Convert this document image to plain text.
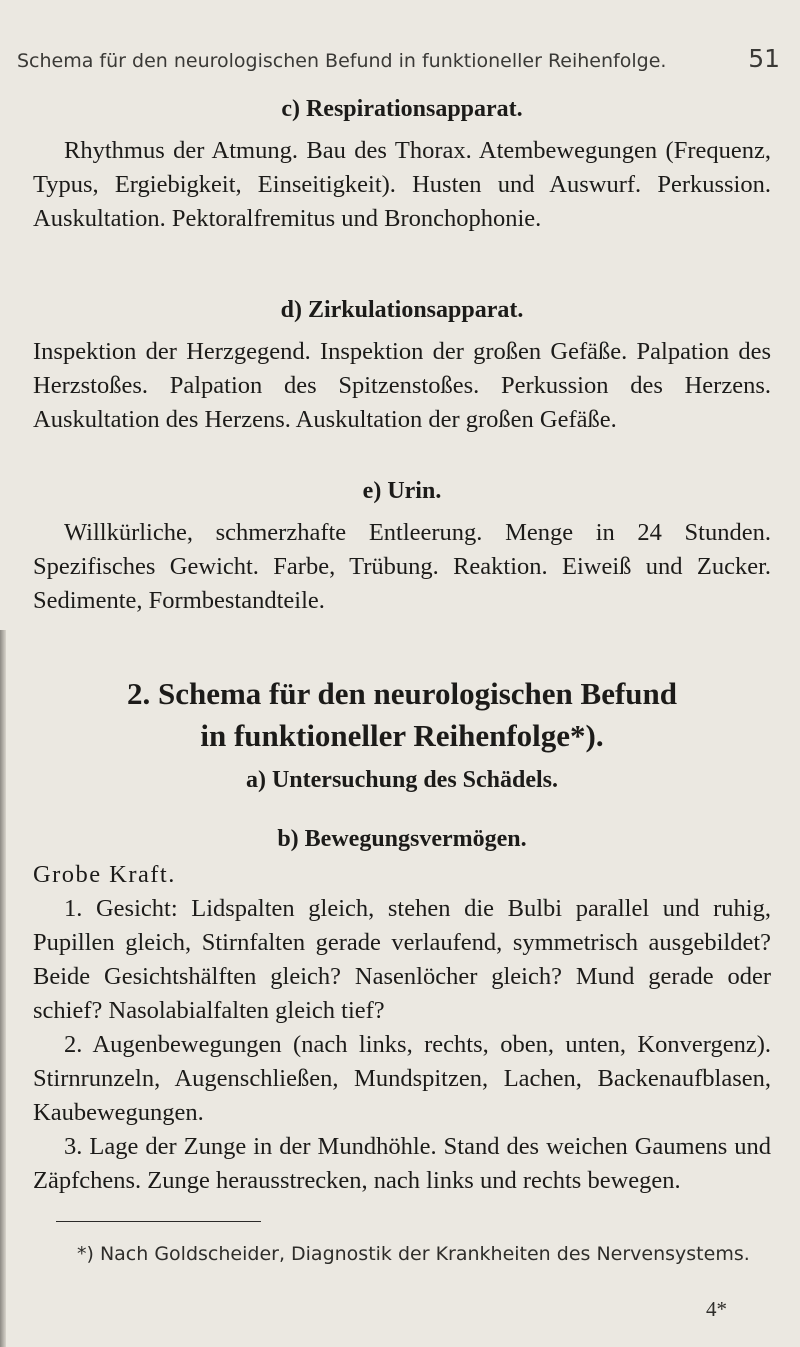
Schema für den neurologischen Befund in funktioneller Reihenfolge.	51

c) Respirationsapparat.

Rhythmus der Atmung. Bau des Thorax. Atembewegungen (Frequenz, Typus, Ergiebigkeit, Einseitigkeit). Husten und Auswurf. Perkussion. Auskultation. Pektoralfremitus und Bronchophonie.

d) Zirkulationsapparat.

Inspektion der Herzgegend. Inspektion der großen Gefäße. Palpation des Herzstoßes. Palpation des Spitzenstoßes. Perkussion des Herzens. Auskultation des Herzens. Auskultation der großen Gefäße.

e) Urin.

Willkürliche, schmerzhafte Entleerung. Menge in 24 Stunden. Spezifisches Gewicht. Farbe, Trübung. Reaktion. Eiweiß und Zucker. Sedimente, Formbestandteile.

2. Schema für den neurologischen Befund

in funktioneller Reihenfolge*).

a) Untersuchung des Schädels.

b) Bewegungsvermögen.

Grobe Kraft.

1. Gesicht: Lidspalten gleich, stehen die Bulbi parallel und ruhig, Pupillen gleich, Stirnfalten gerade verlaufend, symmetrisch ausgebildet? Beide Gesichtshälften gleich? Nasenlöcher gleich? Mund gerade oder schief? Nasolabialfalten gleich tief?

2. Augenbewegungen (nach links, rechts, oben, unten, Konvergenz). Stirnrunzeln, Augenschließen, Mundspitzen, Lachen, Backenaufblasen, Kaubewegungen.

3. Lage der Zunge in der Mundhöhle. Stand des weichen Gaumens und Zäpfchens. Zunge herausstrecken, nach links und rechts bewegen.

*) Nach Goldscheider, Diagnostik der Krankheiten des Nervensystems.
4*
